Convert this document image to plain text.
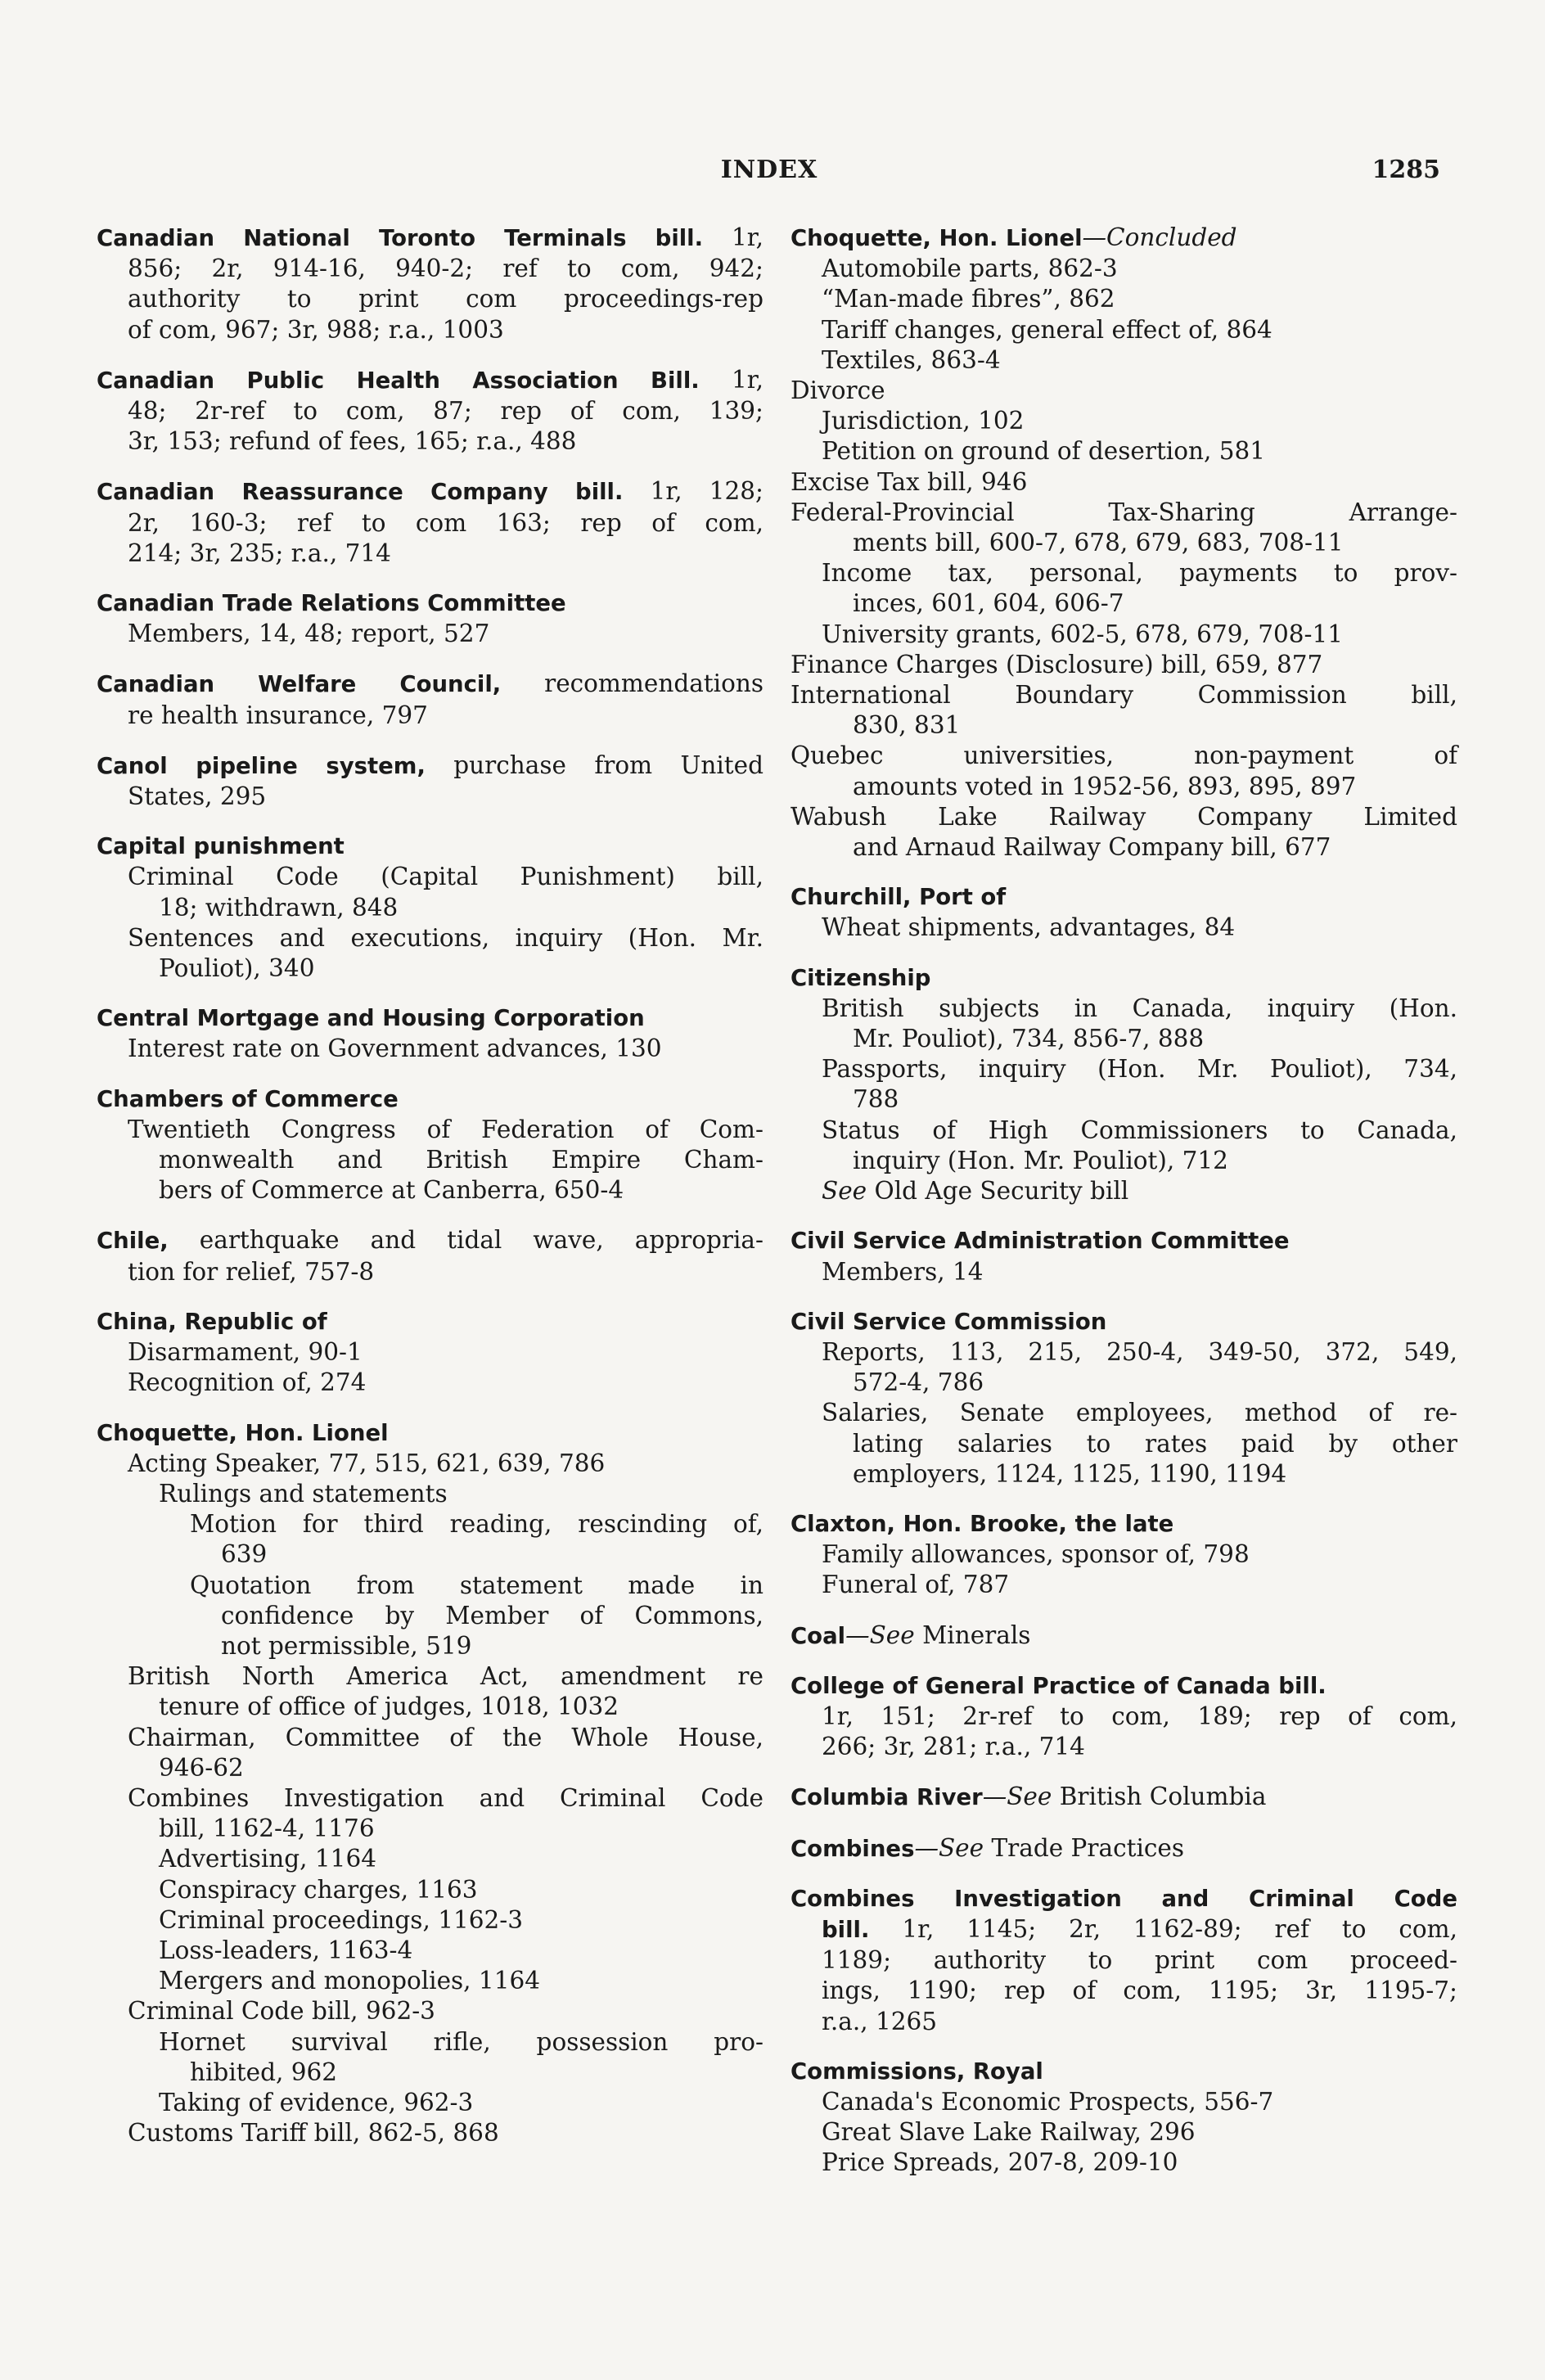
INDEX	1285
Canadian National Toronto Terminals bill. 1r,
856; 2r, 914-16, 940-2; ref to com, 942;
authority to print com proceedings-rep
of com, 967; 3r, 988; r.a., 1003
Canadian Public Health Association Bill. 1r,
48; 2r-ref to com, 87; rep of com, 139;
3r, 153; refund of fees, 165; r.a., 488
Canadian Reassurance Company bill. 1r, 128;
2r, 160-3; ref to com 163; rep of com,
214; 3r, 235; r.a., 714
Canadian Trade Relations Committee
Members, 14, 48; report, 527
Canadian Welfare Council, recommendations
re health insurance, 797
Canol pipeline system, purchase from United
States, 295
Capital punishment
Criminal Code (Capital Punishment) bill,
18; withdrawn, 848
Sentences and executions, inquiry (Hon. Mr.
Pouliot), 340
Central Mortgage and Housing Corporation
Interest rate on Government advances, 130
Chambers of Commerce
Twentieth Congress of Federation of Com-
monwealth and British Empire Cham-
bers of Commerce at Canberra, 650-4
Chile, earthquake and tidal wave, appropria-
tion for relief, 757-8
China, Republic of
Disarmament, 90-1
Recognition of, 274
Choquette, Hon. Lionel
Acting Speaker, 77, 515, 621, 639, 786
Rulings and statements
Motion for third reading, rescinding of,
639
Quotation from statement made in
confidence by Member of Commons,
not permissible, 519
British North America Act, amendment re
tenure of office of judges, 1018, 1032
Chairman, Committee of the Whole House,
946-62
Combines Investigation and Criminal Code
bill, 1162-4, 1176
Advertising, 1164
Conspiracy charges, 1163
Criminal proceedings, 1162-3
Loss-leaders, 1163-4
Mergers and monopolies, 1164
Criminal Code bill, 962-3
Hornet survival rifle, possession pro-
hibited, 962
Taking of evidence, 962-3
Customs Tariff bill, 862-5, 868
Choquette, Hon. Lionel—Concluded
Automobile parts, 862-3
“Man-made fibres”, 862
Tariff changes, general effect of, 864
Textiles, 863-4
Divorce
Jurisdiction, 102
Petition on ground of desertion, 581
Excise Tax bill, 946
Federal-Provincial Tax-Sharing Arrange-
ments bill, 600-7, 678, 679, 683, 708-11
Income tax, personal, payments to prov-
inces, 601, 604, 606-7
University grants, 602-5, 678, 679, 708-11
Finance Charges (Disclosure) bill, 659, 877
International Boundary Commission bill,
830, 831
Quebec universities, non-payment of
amounts voted in 1952-56, 893, 895, 897
Wabush Lake Railway Company Limited
and Arnaud Railway Company bill, 677
Churchill, Port of
Wheat shipments, advantages, 84
Citizenship
British subjects in Canada, inquiry (Hon.
Mr. Pouliot), 734, 856-7, 888
Passports, inquiry (Hon. Mr. Pouliot), 734,
788
Status of High Commissioners to Canada,
inquiry (Hon. Mr. Pouliot), 712
See Old Age Security bill
Civil Service Administration Committee
Members, 14
Civil Service Commission
Reports, 113, 215, 250-4, 349-50, 372, 549,
572-4, 786
Salaries, Senate employees, method of re-
lating salaries to rates paid by other
employers, 1124, 1125, 1190, 1194
Claxton, Hon. Brooke, the late
Family allowances, sponsor of, 798
Funeral of, 787
Coal—See Minerals
College of General Practice of Canada bill.
1r, 151; 2r-ref to com, 189; rep of com,
266; 3r, 281; r.a., 714
Columbia River—See British Columbia
Combines—See Trade Practices
Combines Investigation and Criminal Code
bill. 1r, 1145; 2r, 1162-89; ref to com,
1189; authority to print com proceed-
ings, 1190; rep of com, 1195; 3r, 1195-7;
r.a., 1265
Commissions, Royal
Canada's Economic Prospects, 556-7
Great Slave Lake Railway, 296
Price Spreads, 207-8, 209-10
